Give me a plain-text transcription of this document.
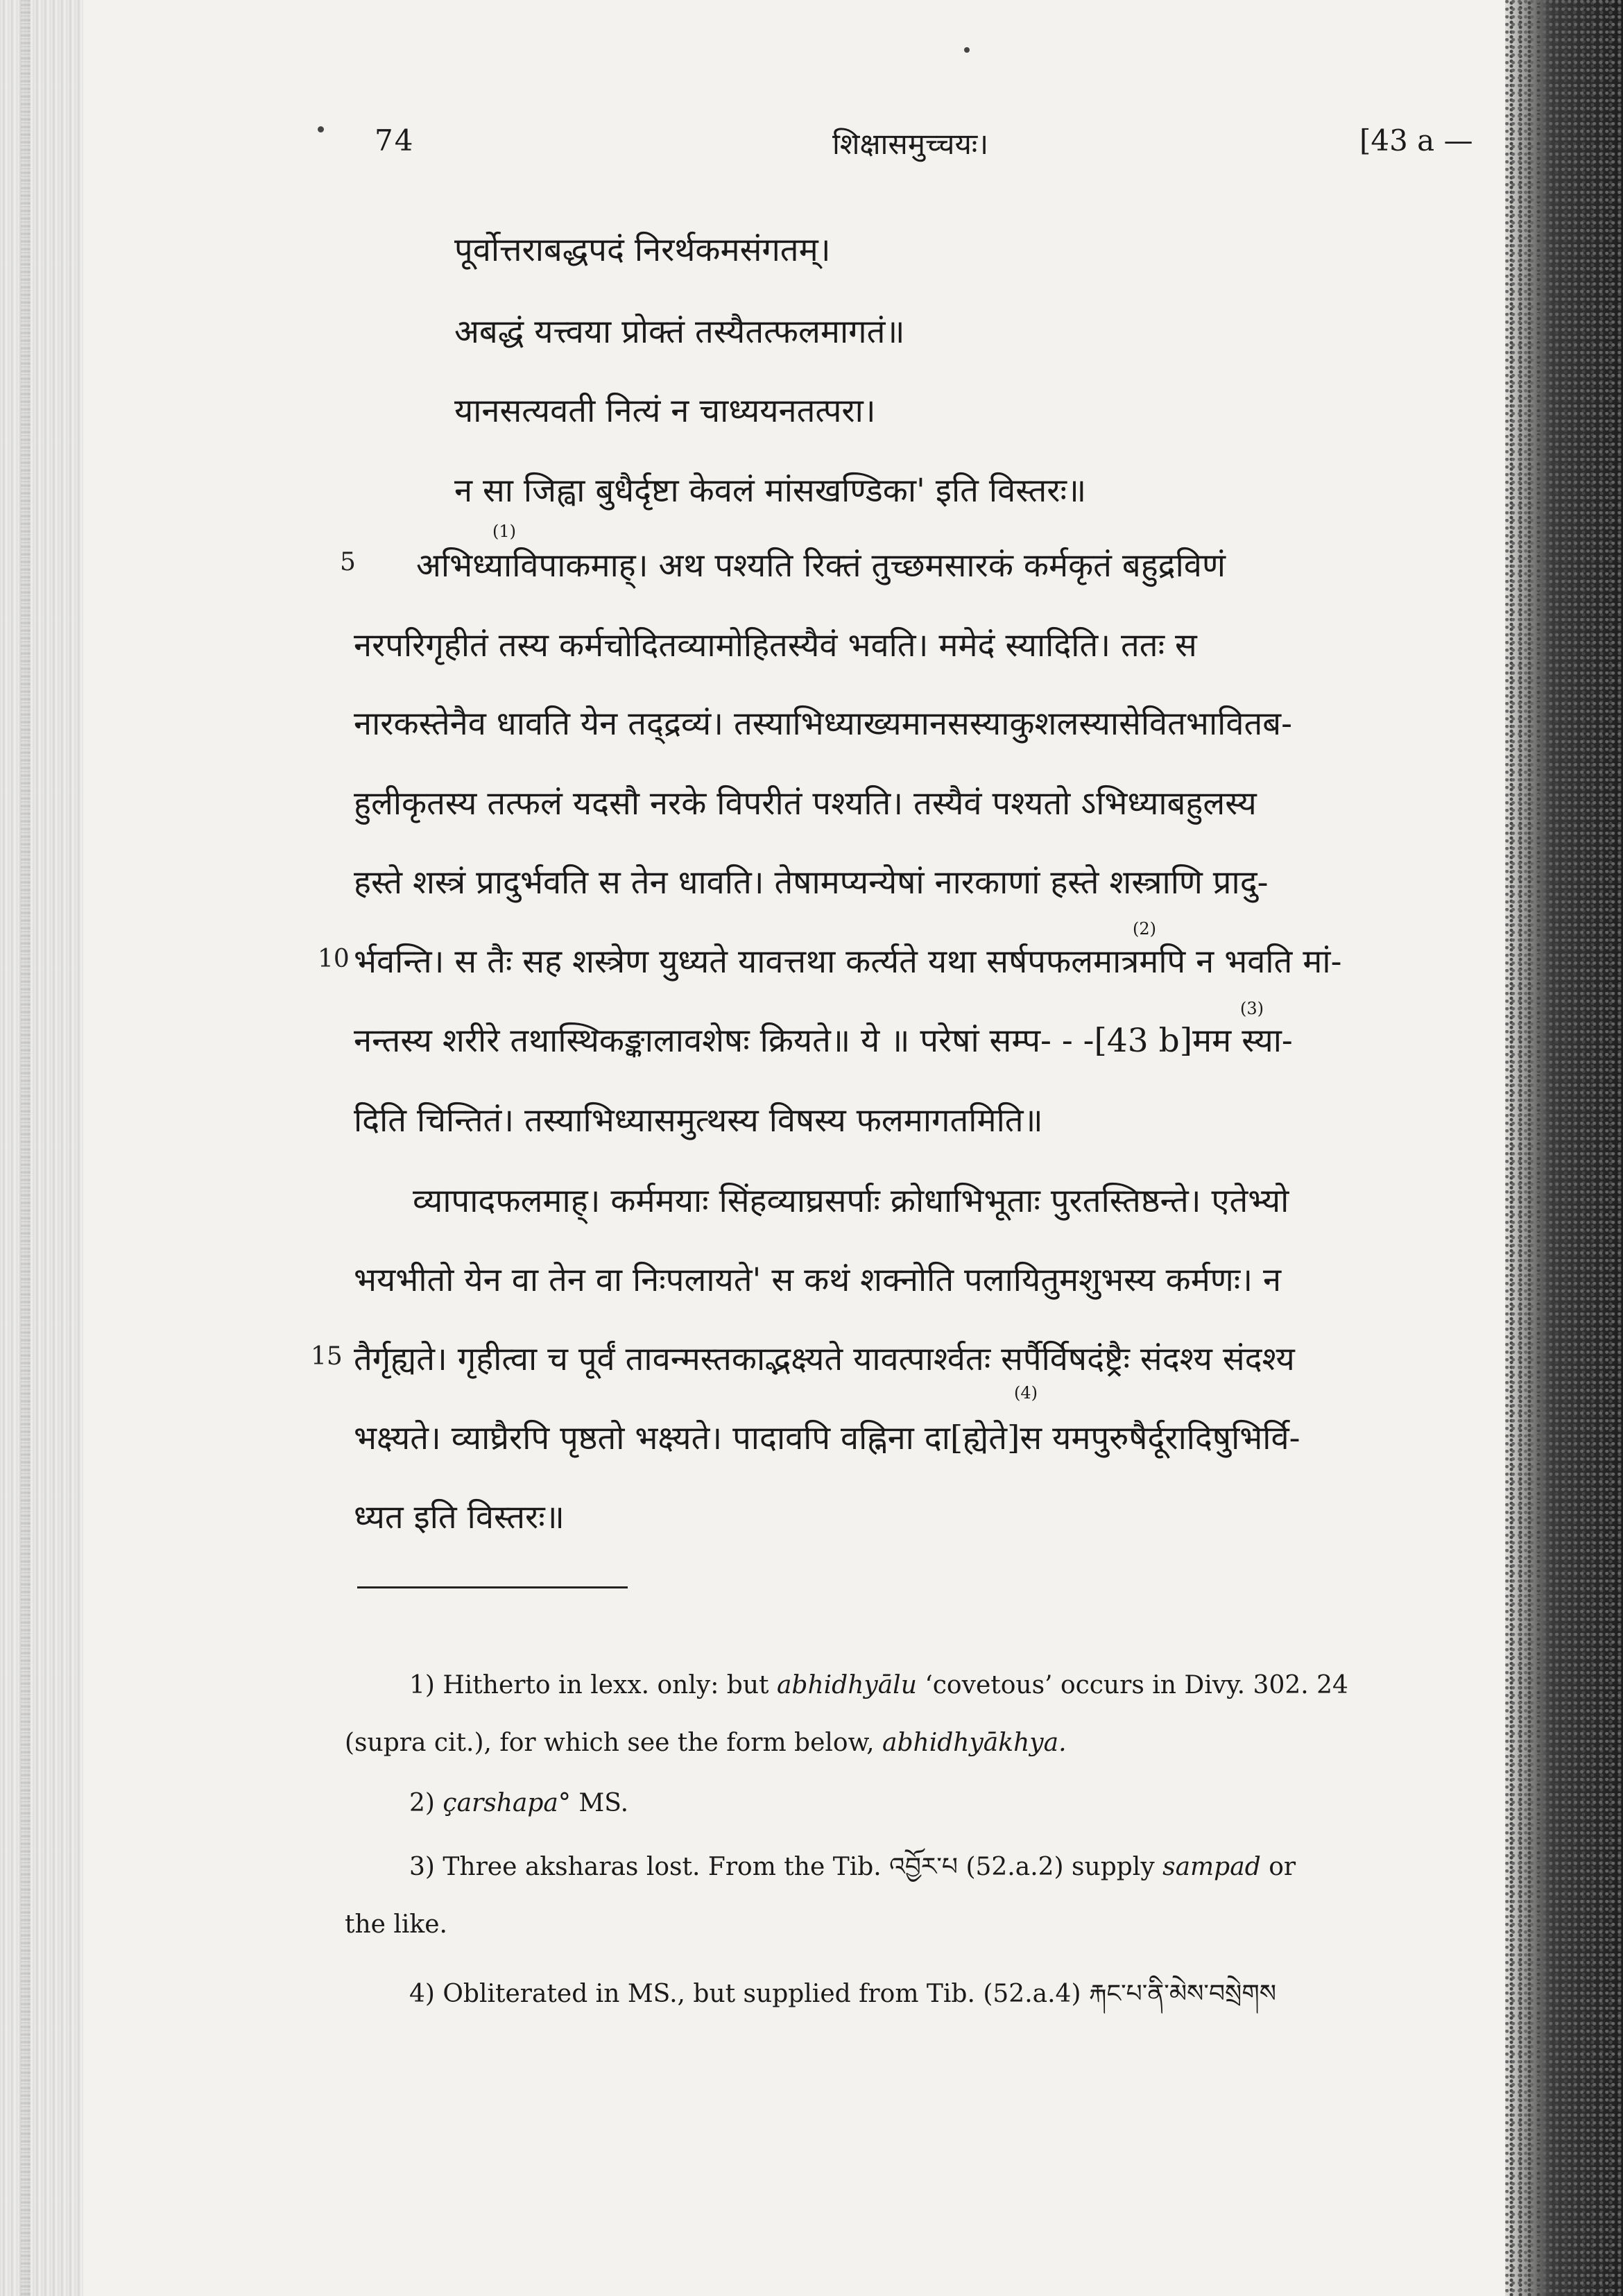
74	शिक्षासमुच्चयः।	[43 a —
पूर्वोत्तराबद्धपदं निरर्थकमसंगतम्।
अबद्धं यत्त्वया प्रोक्तं तस्यैतत्फलमागतं॥
यानसत्यवती नित्यं न चाध्ययनतत्परा।
न सा जिह्वा बुधैर्दृष्टा केवलं मांसखण्डिका' इति विस्तरः॥
(1)
(2)
(3)
(4)
5
10
15
अभिध्याविपाकमाह्। अथ पश्यति रिक्तं तुच्छमसारकं कर्मकृतं बहुद्रविणं
नरपरिगृहीतं तस्य कर्मचोदितव्यामोहितस्यैवं भवति। ममेदं स्यादिति। ततः स
नारकस्तेनैव धावति येन तद्द्रव्यं। तस्याभिध्याख्यमानसस्याकुशलस्यासेवितभावितब-
हुलीकृतस्य तत्फलं यदसौ नरके विपरीतं पश्यति। तस्यैवं पश्यतो ऽभिध्याबहुलस्य
हस्ते शस्त्रं प्रादुर्भवति स तेन धावति। तेषामप्यन्येषां नारकाणां हस्ते शस्त्राणि प्रादु-
र्भवन्ति। स तैः सह शस्त्रेण युध्यते यावत्तथा कर्त्यते यथा सर्षपफलमात्रमपि न भवति मां-
नन्तस्य शरीरे तथास्थिकङ्कालावशेषः क्रियते॥ ये ॥ परेषां सम्प- - -[43 b]मम स्या-
दिति चिन्तितं। तस्याभिध्यासमुत्थस्य विषस्य फलमागतमिति॥
व्यापादफलमाह्। कर्ममयाः सिंहव्याघ्रसर्पाः क्रोधाभिभूताः पुरतस्तिष्ठन्ते। एतेभ्यो
भयभीतो येन वा तेन वा निःपलायते' स कथं शक्नोति पलायितुमशुभस्य कर्मणः। न
तैर्गृह्यते। गृहीत्वा च पूर्वं तावन्मस्तकाद्भक्ष्यते यावत्पार्श्वतः सर्पैर्विषदंष्ट्रैः संदश्य संदश्य
भक्ष्यते। व्याघ्रैरपि पृष्ठतो भक्ष्यते। पादावपि वह्निना दा[ह्येते]स यमपुरुषैर्दूरादिषुभिर्वि-
ध्यत इति विस्तरः॥
1) Hitherto in lexx. only: but abhidhyālu ‘covetous’ occurs in Divy. 302. 24
(supra cit.), for which see the form below, abhidhyākhya.
2) çarshapa° MS.
3) Three aksharas lost. From the Tib. འབྱོར་པ (52.a.2) supply sampad or
the like.
4) Obliterated in MS., but supplied from Tib. (52.a.4) རྐང་པ་ནི་མེས་བསྲེགས
